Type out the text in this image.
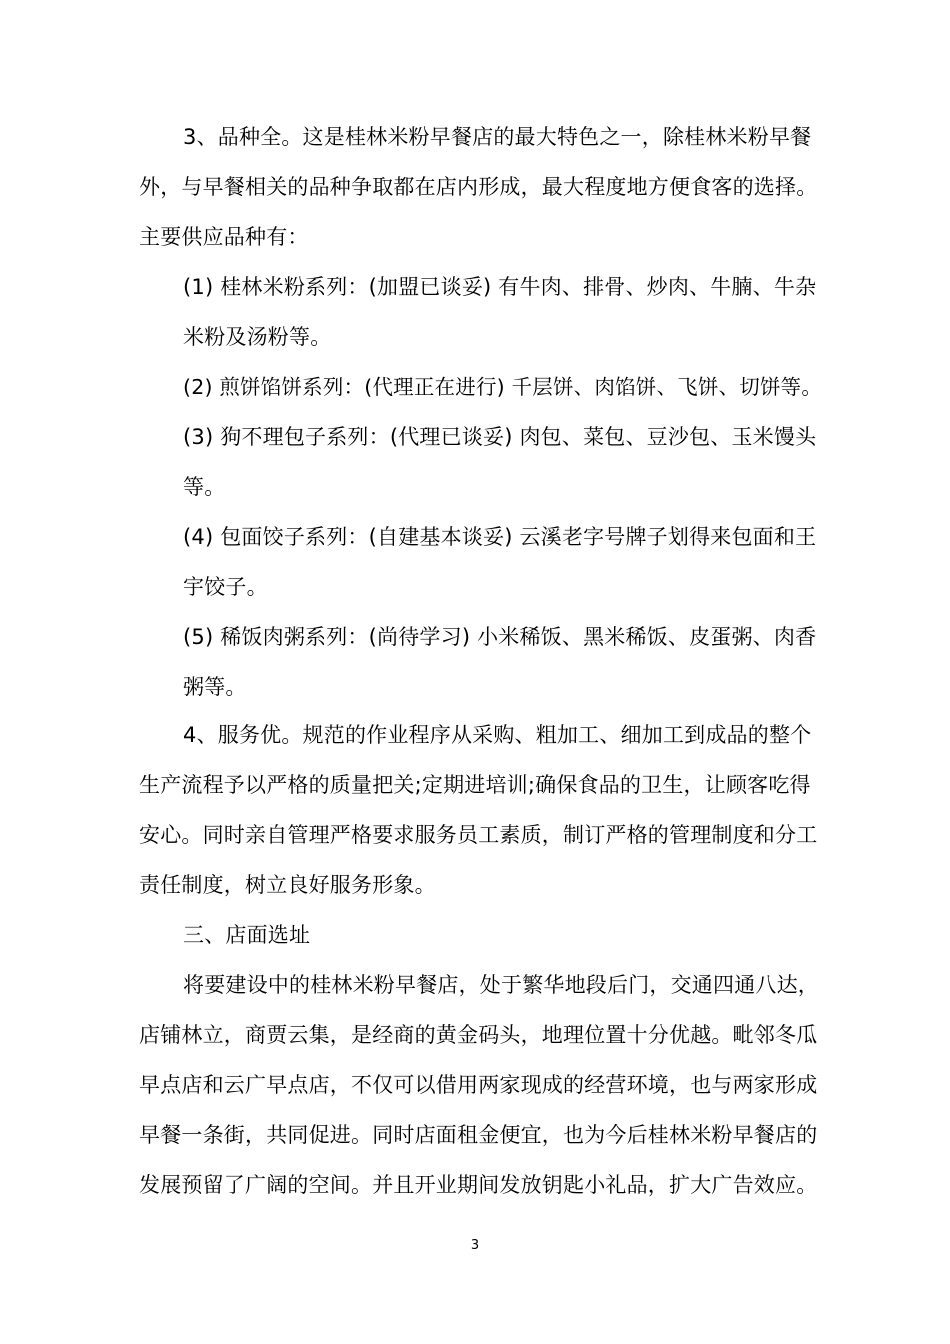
3、品种全。这是桂林米粉早餐店的最大特色之一，除桂林米粉早餐
外，与早餐相关的品种争取都在店内形成，最大程度地方便食客的选择。
主要供应品种有：
(1) 桂林米粉系列：(加盟已谈妥) 有牛肉、排骨、炒肉、牛腩、牛杂
米粉及汤粉等。
(2) 煎饼馅饼系列：(代理正在进行) 千层饼、肉馅饼、飞饼、切饼等。
(3) 狗不理包子系列：(代理已谈妥) 肉包、菜包、豆沙包、玉米馒头
等。
(4) 包面饺子系列：(自建基本谈妥) 云溪老字号牌子划得来包面和王
宇饺子。
(5) 稀饭肉粥系列：(尚待学习) 小米稀饭、黑米稀饭、皮蛋粥、肉香
粥等。
4、服务优。规范的作业程序从采购、粗加工、细加工到成品的整个
生产流程予以严格的质量把关;定期进培训;确保食品的卫生，让顾客吃得
安心。同时亲自管理严格要求服务员工素质，制订严格的管理制度和分工
责任制度，树立良好服务形象。
三、店面选址
将要建设中的桂林米粉早餐店，处于繁华地段后门，交通四通八达，
店铺林立，商贾云集，是经商的黄金码头，地理位置十分优越。毗邻冬瓜
早点店和云广早点店，不仅可以借用两家现成的经营环境，也与两家形成
早餐一条街，共同促进。同时店面租金便宜，也为今后桂林米粉早餐店的
发展预留了广阔的空间。并且开业期间发放钥匙小礼品，扩大广告效应。
3
